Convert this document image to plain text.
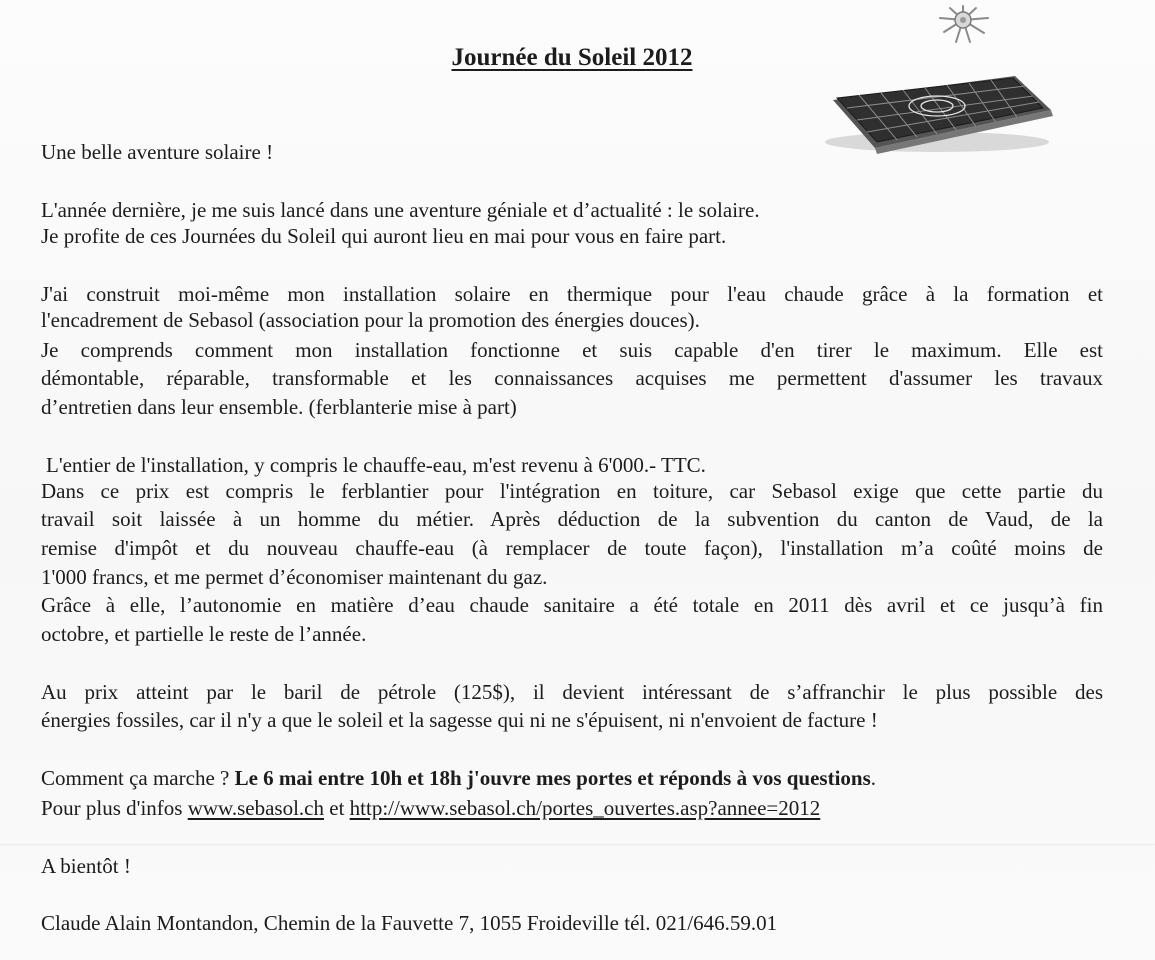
Journée du Soleil 2012

Une belle aventure solaire !

L'année dernière, je me suis lancé dans une aventure géniale et d’actualité : le solaire.

Je profite de ces Journées du Soleil qui auront lieu en mai pour vous en faire part.

J'ai construit moi-même mon installation solaire en thermique pour l'eau chaude grâce à la formation et

l'encadrement de Sebasol (association pour la promotion des énergies douces).

Je comprends comment mon installation fonctionne et suis capable d'en tirer le maximum. Elle est

démontable, réparable, transformable et les connaissances acquises me permettent d'assumer les travaux

d’entretien dans leur ensemble. (ferblanterie mise à part)

L'entier de l'installation, y compris le chauffe-eau, m'est revenu à 6'000.- TTC.

Dans ce prix est compris le ferblantier pour l'intégration en toiture, car Sebasol exige que cette partie du

travail soit laissée à un homme du métier. Après déduction de la subvention du canton de Vaud, de la

remise d'impôt et du nouveau chauffe-eau (à remplacer de toute façon), l'installation m’a coûté moins de

1'000 francs, et me permet d’économiser maintenant du gaz.

Grâce à elle, l’autonomie en matière d’eau chaude sanitaire a été totale en 2011 dès avril et ce jusqu’à fin

octobre, et partielle le reste de l’année.

Au prix atteint par le baril de pétrole (125$), il devient intéressant de s’affranchir le plus possible des

énergies fossiles, car il n'y a que le soleil et la sagesse qui ni ne s'épuisent, ni n'envoient de facture !

Comment ça marche ? Le 6 mai entre 10h et 18h j'ouvre mes portes et réponds à vos questions.

Pour plus d'infos www.sebasol.ch et http://www.sebasol.ch/portes_ouvertes.asp?annee=2012

A bientôt !

Claude Alain Montandon, Chemin de la Fauvette 7, 1055 Froideville tél. 021/646.59.01
